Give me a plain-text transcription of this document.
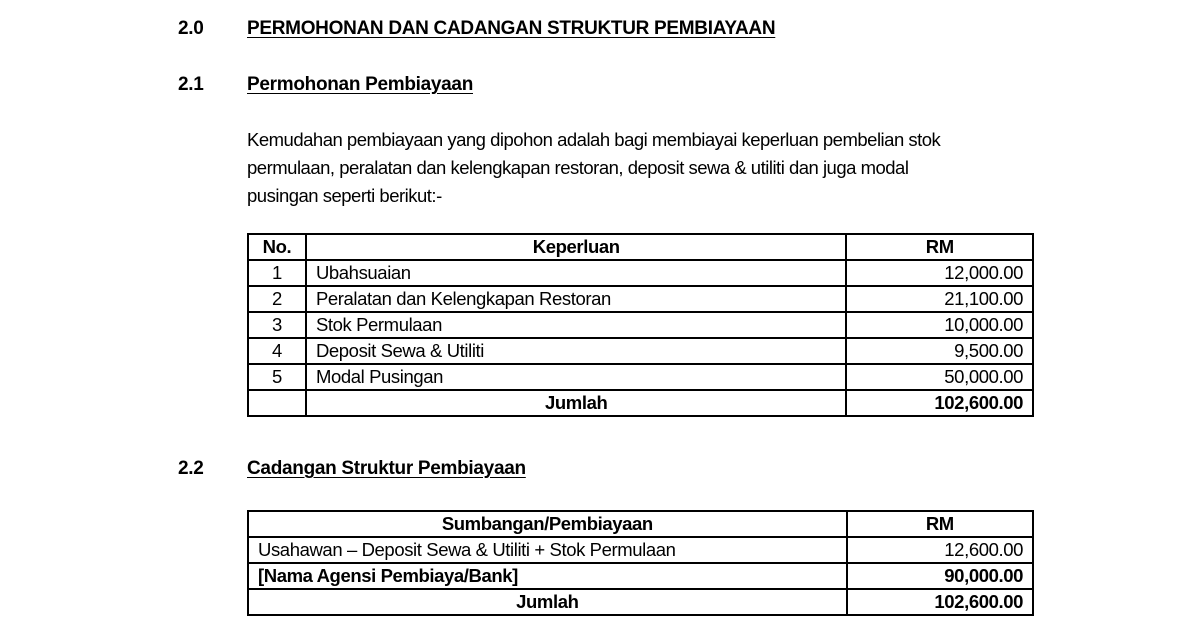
2.0 PERMOHONAN DAN CADANGAN STRUKTUR PEMBIAYAAN
2.1 Permohonan Pembiayaan
Kemudahan pembiayaan yang dipohon adalah bagi membiayai keperluan pembelian stok
permulaan, peralatan dan kelengkapan restoran, deposit sewa & utiliti dan juga modal
pusingan seperti berikut:-
No.	Keperluan	RM
1	Ubahsuaian	12,000.00
2	Peralatan dan Kelengkapan Restoran	21,100.00
3	Stok Permulaan	10,000.00
4	Deposit Sewa & Utiliti	9,500.00
5	Modal Pusingan	50,000.00
	Jumlah	102,600.00
2.2 Cadangan Struktur Pembiayaan
Sumbangan/Pembiayaan	RM
Usahawan – Deposit Sewa & Utiliti + Stok Permulaan	12,600.00
[Nama Agensi Pembiaya/Bank]	90,000.00
Jumlah	102,600.00
